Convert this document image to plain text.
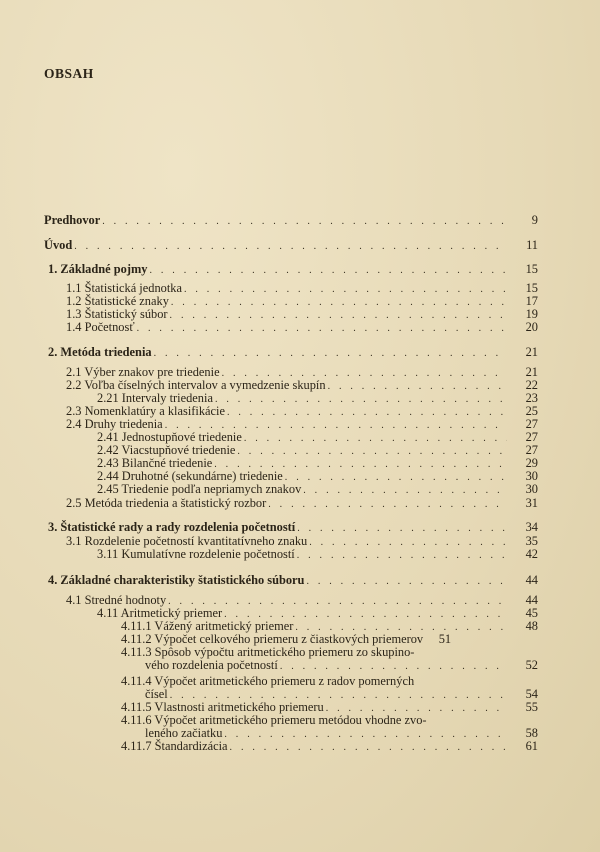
OBSAH
Predhovor . . .	9
Úvod . . .	11
1. Základné pojmy . . .	15
1.1 Štatistická jednotka . . .	15
1.2 Štatistické znaky . . .	17
1.3 Štatistický súbor . . .	19
1.4 Početnosť . . .	20
2. Metóda triedenia . . .	21
2.1 Výber znakov pre triedenie . . .	21
2.2 Voľba číselných intervalov a vymedzenie skupín . . .	22
2.21 Intervaly triedenia . . .	23
2.3 Nomenklatúry a klasifikácie . . .	25
2.4 Druhy triedenia . . .	27
2.41 Jednostupňové triedenie . . .	27
2.42 Viacstupňové triedenie . . .	27
2.43 Bilančné triedenie . . .	29
2.44 Druhotné (sekundárne) triedenie . . .	30
2.45 Triedenie podľa nepriamych znakov . . .	30
2.5 Metóda triedenia a štatistický rozbor . . .	31
3. Štatistické rady a rady rozdelenia početností . . .	34
3.1 Rozdelenie početností kvantitatívneho znaku . . .	35
3.11 Kumulatívne rozdelenie početností . . .	42
4. Základné charakteristiky štatistického súboru . . .	44
4.1 Stredné hodnoty . . .	44
4.11 Aritmetický priemer . . .	45
4.11.1 Vážený aritmetický priemer . . .	48
4.11.2 Výpočet celkového priemeru z čiastkových priemerov	51
4.11.3 Spôsob výpočtu aritmetického priemeru zo skupino-
vého rozdelenia početností . . .	52
4.11.4 Výpočet aritmetického priemeru z radov pomerných
čísel . . .	54
4.11.5 Vlastnosti aritmetického priemeru . . .	55
4.11.6 Výpočet aritmetického priemeru metódou vhodne zvo-
leného začiatku . . .	58
4.11.7 Štandardizácia . . .	61
